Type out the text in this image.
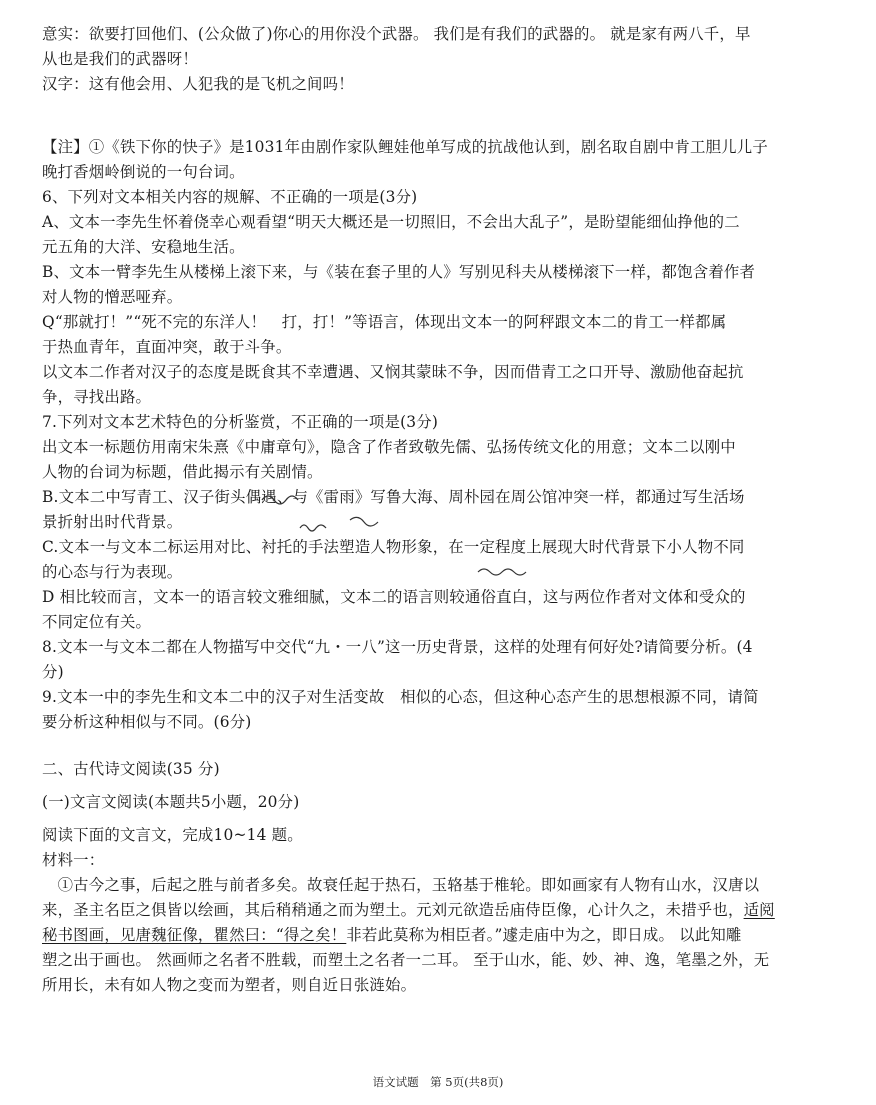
意实：欲要打回他们、(公众做了)你心的用你没个武器。 我们是有我们的武器的。 就是家有两八千，早

从也是我们的武器呀！

汉字：这有他会用、人犯我的是飞机之间吗！

【注】①《铁下你的快子》是1031年由剧作家队鲤娃他单写成的抗战他认到，剧名取自剧中肯工胆儿儿子

晚打香烟岭倒说的一句台词。

6、下列对文本相关内容的规解、不正确的一项是(3分)

A、文本一李先生怀着侥幸心观看望“明天大概还是一切照旧，不会出大乱子”，是盼望能细仙挣他的二

元五角的大洋、安稳地生活。

B、文本一臂李先生从楼梯上滚下来，与《装在套子里的人》写别见科夫从楼梯滚下一样，都饱含着作者

对人物的憎恶哑弃。

Q“那就打！”“死不完的东洋人！　打，打！”等语言，体现出文本一的阿秤跟文本二的肯工一样都属

于热血青年，直面冲突，敢于斗争。

以文本二作者对汉子的态度是既食其不幸遭遇、又悯其蒙昧不争，因而借青工之口开导、激励他奋起抗

争，寻找出路。

7.下列对文本艺术特色的分析鉴赏，不正确的一项是(3分)

出文本一标题仿用南宋朱熹《中庸章句》，隐含了作者致敬先儒、弘扬传统文化的用意；文本二以刚中

人物的台词为标题，借此揭示有关剧情。

B.文本二中写青工、汉子街头偶遇、与《雷雨》写鲁大海、周朴园在周公馆冲突一样，都通过写生活场

景折射出时代背景。

C.文本一与文本二标运用对比、衬托的手法塑造人物形象，在一定程度上展现大时代背景下小人物不同

的心态与行为表现。

D 相比较而言，文本一的语言较文雅细腻，文本二的语言则较通俗直白，这与两位作者对文体和受众的

不同定位有关。

8.文本一与文本二都在人物描写中交代“九・一八”这一历史背景，这样的处理有何好处?请简要分析。(4

分)

9.文本一中的李先生和文本二中的汉子对生活变故　相似的心态，但这种心态产生的思想根源不同，请简

要分析这种相似与不同。(6分)

二、古代诗文阅读(35 分)

(一)文言文阅读(本题共5小题，20分)

阅读下面的文言文，完成10~14 题。

材料一：

　①古今之事，后起之胜与前者多矣。故衰任起于热石，玉辂基于椎轮。即如画家有人物有山水，汉唐以

来，圣主名臣之俱皆以绘画，其后稍稍通之而为塑土。元刘元欲造岳庙侍臣像，心计久之，未措乎也，适阅

秘书图画，见唐魏征像，瞿然曰：“得之矣！非若此莫称为相臣者。”遽走庙中为之，即日成。 以此知雕

塑之出于画也。 然画师之名者不胜载，而塑土之名者一二耳。 至于山水，能、妙、神、逸，笔墨之外，无

所用长，未有如人物之变而为塑者，则自近日张涟始。

语文试题　第 5页(共8页)
